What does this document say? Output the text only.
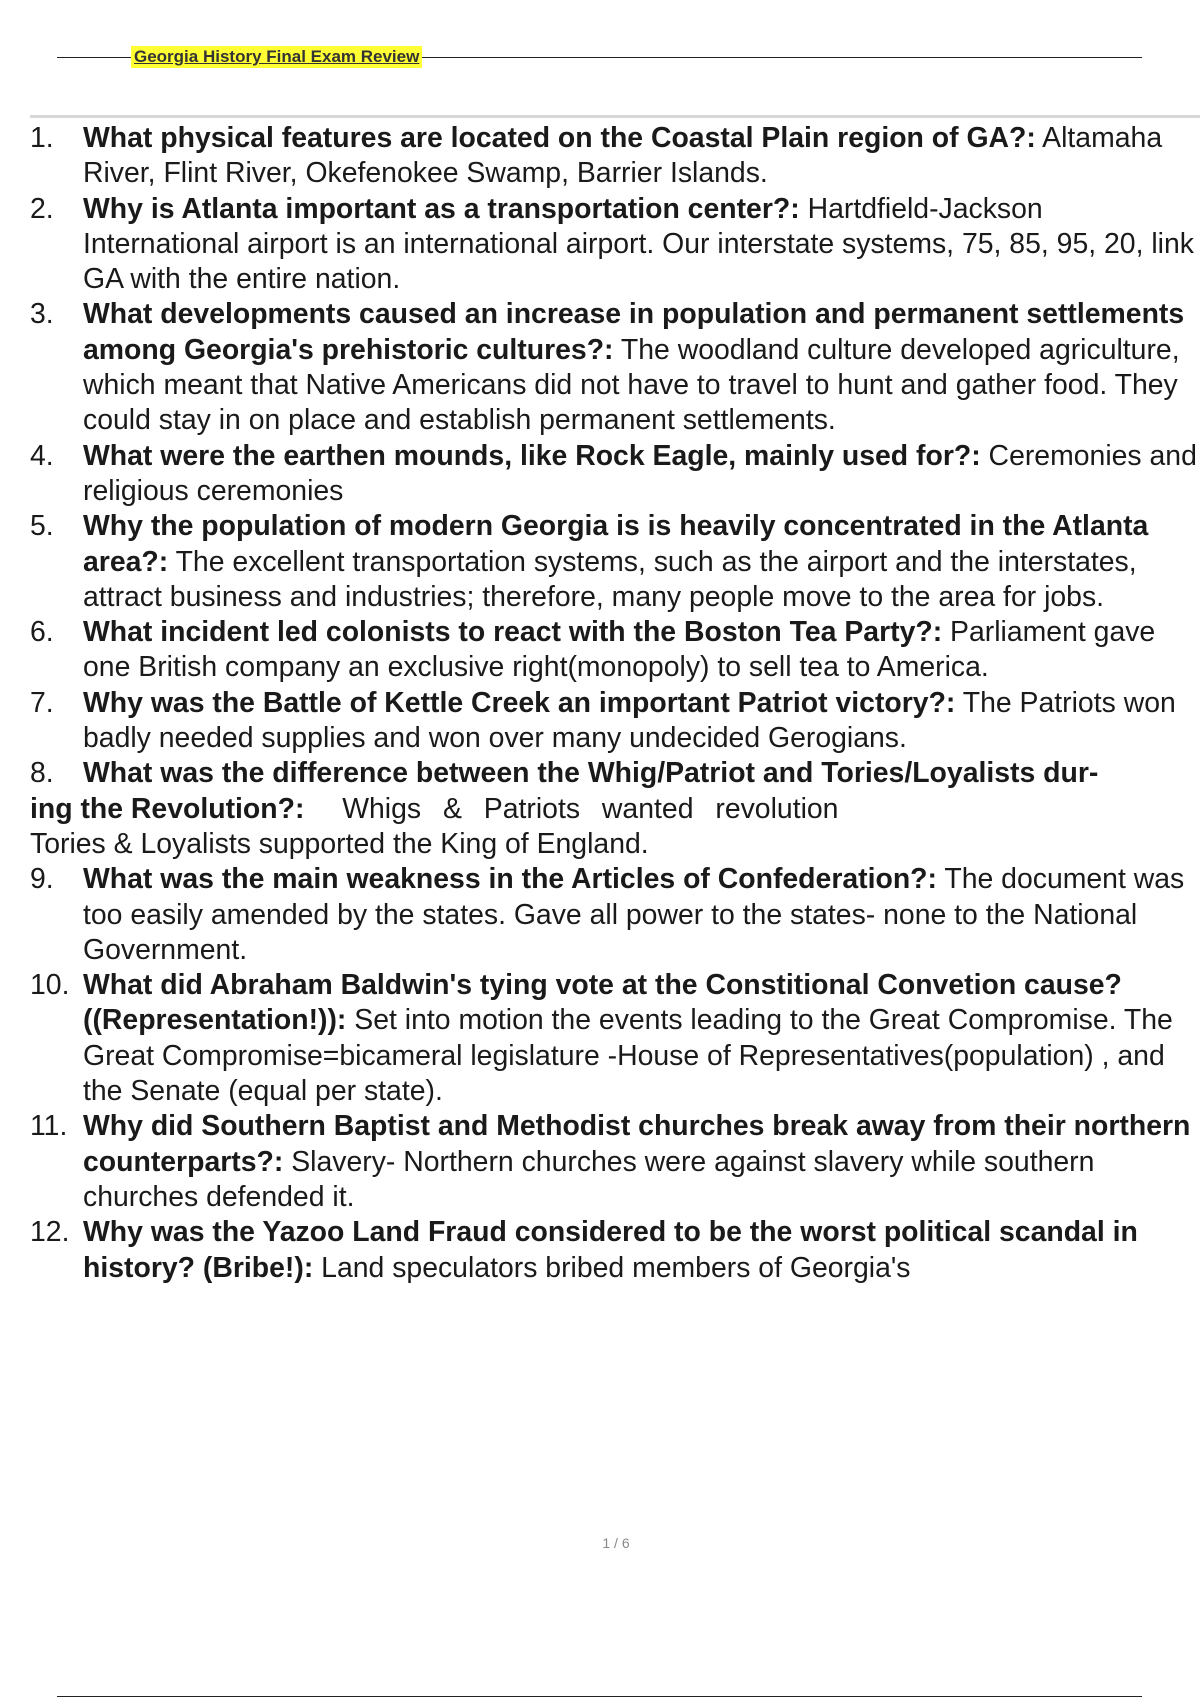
Georgia History Final Exam Review
1.	What physical features are located on the Coastal Plain region of GA?: Altamaha River, Flint River, Okefenokee Swamp, Barrier Islands.
2.	Why is Atlanta important as a transportation center?: Hartdfield-Jackson International airport is an international airport. Our interstate systems, 75, 85, 95, 20, link GA with the entire nation.
3.	What developments caused an increase in population and permanent settlements among Georgia's prehistoric cultures?: The woodland culture developed agriculture, which meant that Native Americans did not have to travel to hunt and gather food. They could stay in on place and establish permanent settlements.
4.	What were the earthen mounds, like Rock Eagle, mainly used for?: Ceremonies and religious ceremonies
5.	Why the population of modern Georgia is is heavily concentrated in the Atlanta area?: The excellent transportation systems, such as the airport and the interstates, attract business and industries; therefore, many people move to the area for jobs.
6.	What incident led colonists to react with the Boston Tea Party?: Parliament gave one British company an exclusive right(monopoly) to sell tea to America.
7.	Why was the Battle of Kettle Creek an important Patriot victory?: The Patriots won badly needed supplies and won over many undecided Gerogians.
8.	What was the difference between the Whig/Patriot and Tories/Loyalists dur-
ing the Revolution?: Whigs & Patriots wanted revolution
Tories & Loyalists supported the King of England.
9.	What was the main weakness in the Articles of Confederation?: The document was too easily amended by the states. Gave all power to the states- none to the National Government.
10. What did Abraham Baldwin's tying vote at the Constitional Convetion cause? ((Representation!)): Set into motion the events leading to the Great Compromise. The Great Compromise=bicameral legislature -House of Representatives(population) , and the Senate (equal per state).
11. Why did Southern Baptist and Methodist churches break away from their northern counterparts?: Slavery- Northern churches were against slavery while southern churches defended it.
12. Why was the Yazoo Land Fraud considered to be the worst political scandal in history? (Bribe!): Land speculators bribed members of Georgia's
1 / 6
